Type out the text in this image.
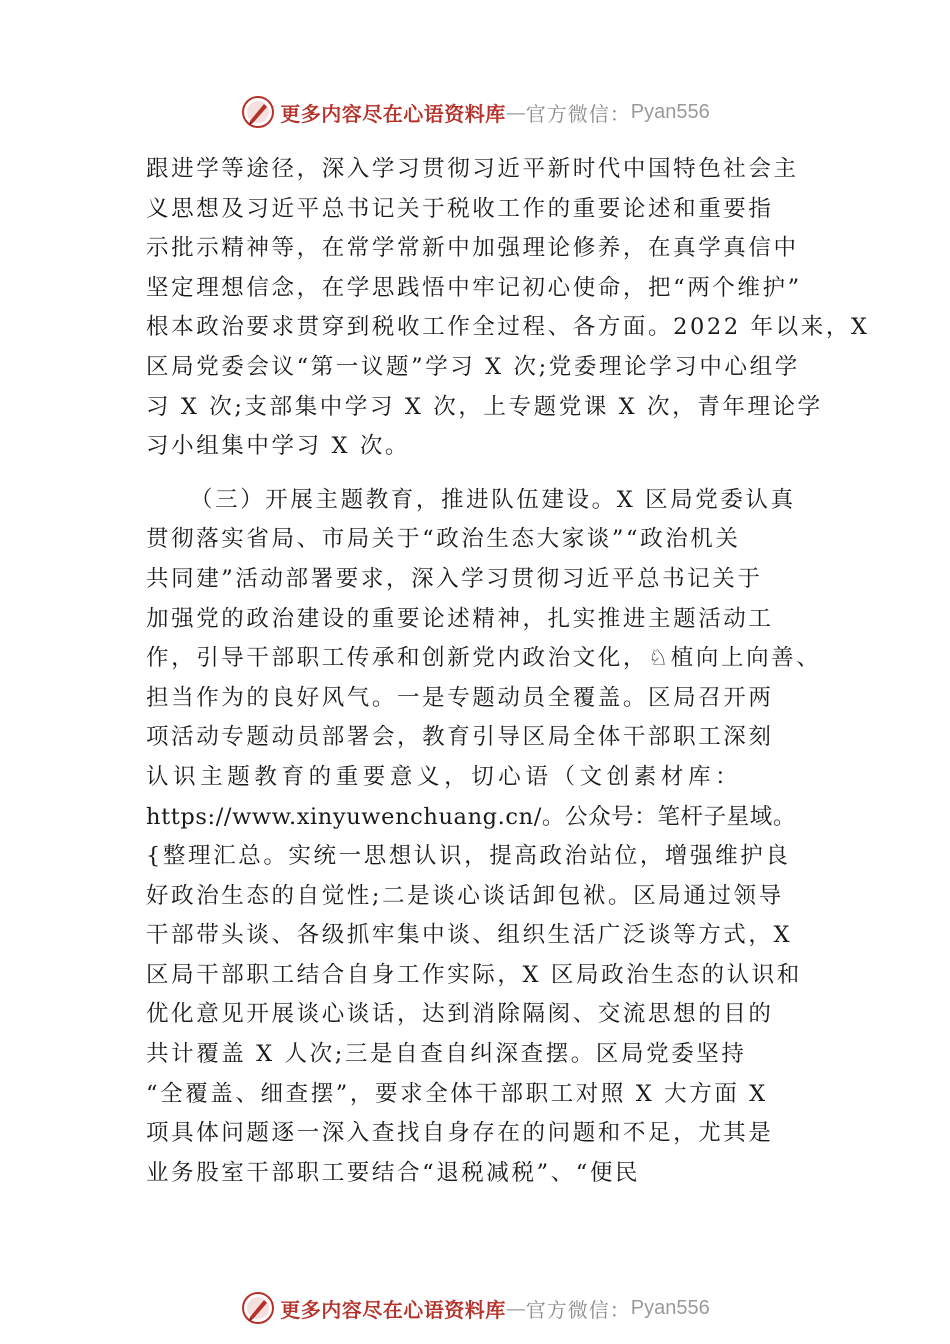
更多内容尽在心语资料库 — 官方微信： Pyan556
跟进学等途径，深入学习贯彻习近平新时代中国特色社会主
义思想及习近平总书记关于税收工作的重要论述和重要指
示批示精神等，在常学常新中加强理论修养，在真学真信中
坚定理想信念，在学思践悟中牢记初心使命，把“两个维护”
根本政治要求贯穿到税收工作全过程、各方面。2022 年以来，X
区局党委会议“第一议题”学习 X 次;党委理论学习中心组学
习 X 次;支部集中学习 X 次，上专题党课 X 次，青年理论学
习小组集中学习 X 次。
（三）开展主题教育，推进队伍建设。X 区局党委认真
贯彻落实省局、市局关于“政治生态大家谈”“政治机关
共同建”活动部署要求，深入学习贯彻习近平总书记关于
加强党的政治建设的重要论述精神，扎实推进主题活动工
作，引导干部职工传承和创新党内政治文化，♘植向上向善、
担当作为的良好风气。一是专题动员全覆盖。区局召开两
项活动专题动员部署会，教育引导区局全体干部职工深刻
认识主题教育的重要意义，切心语（文创素材库：
https://www.xinyuwenchuang.cn/。公众号：笔杆子星域。
{整理汇总。实统一思想认识，提高政治站位，增强维护良
好政治生态的自觉性;二是谈心谈话卸包袱。区局通过领导
干部带头谈、各级抓牢集中谈、组织生活广泛谈等方式，X
区局干部职工结合自身工作实际，X 区局政治生态的认识和
优化意见开展谈心谈话，达到消除隔阂、交流思想的目的
共计覆盖 X 人次;三是自查自纠深查摆。区局党委坚持
“全覆盖、细查摆”，要求全体干部职工对照 X 大方面 X
项具体问题逐一深入查找自身存在的问题和不足，尤其是
业务股室干部职工要结合“退税减税”、“便民
更多内容尽在心语资料库 — 官方微信： Pyan556
